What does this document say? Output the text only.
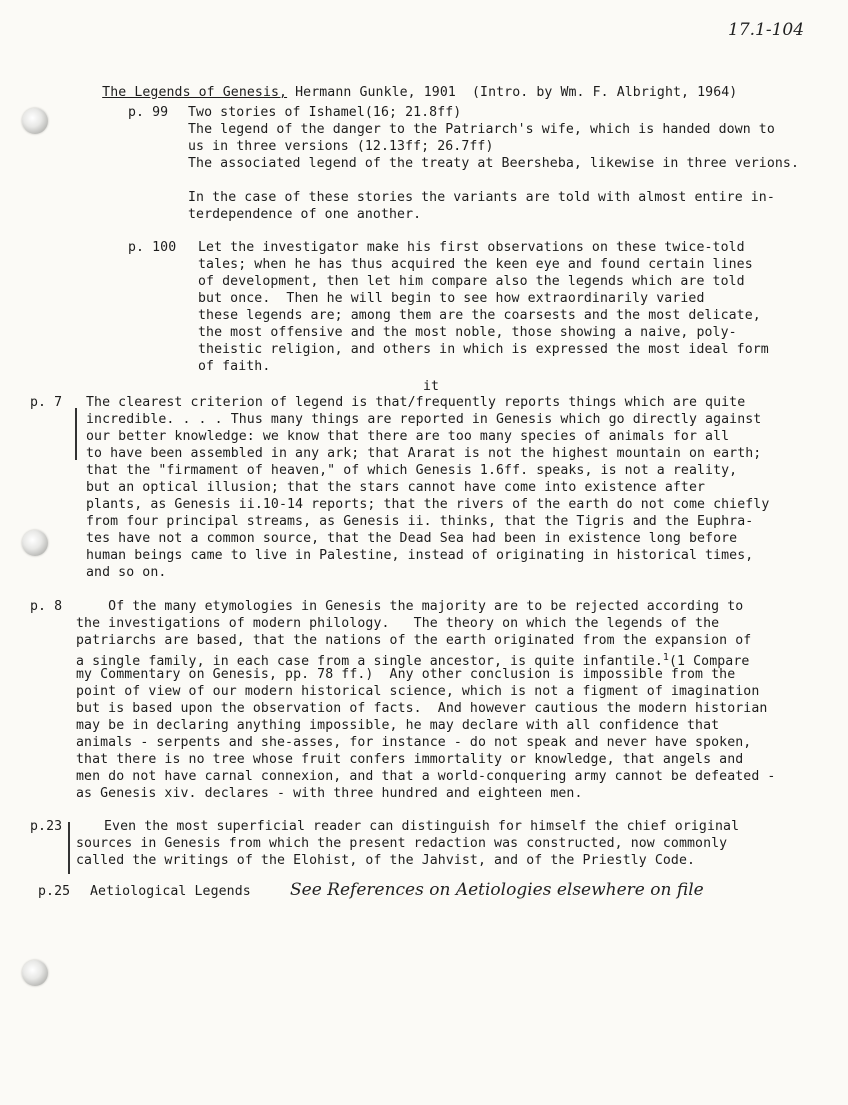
17.1-104

The Legends of Genesis, Hermann Gunkle, 1901  (Intro. by Wm. F. Albright, 1964)

p. 99 Two stories of Ishamel(16; 21.8ff)
The legend of the danger to the Patriarch's wife, which is handed down to
us in three versions (12.13ff; 26.7ff)
The associated legend of the treaty at Beersheba, likewise in three verions.
In the case of these stories the variants are told with almost entire in-
terdependence of one another.
p. 100 Let the investigator make his first observations on these twice-told
tales; when he has thus acquired the keen eye and found certain lines
of development, then let him compare also the legends which are told
but once.  Then he will begin to see how extraordinarily varied
these legends are; among them are the coarsests and the most delicate,
the most offensive and the most noble, those showing a naive, poly-
theistic religion, and others in which is expressed the most ideal form
of faith.
it
p. 7 The clearest criterion of legend is that/frequently reports things which are quite
incredible. . . . Thus many things are reported in Genesis which go directly against
our better knowledge: we know that there are too many species of animals for all
to have been assembled in any ark; that Ararat is not the highest mountain on earth;
that the "firmament of heaven," of which Genesis 1.6ff. speaks, is not a reality,
but an optical illusion; that the stars cannot have come into existence after
plants, as Genesis ii.10-14 reports; that the rivers of the earth do not come chiefly
from four principal streams, as Genesis ii. thinks, that the Tigris and the Euphra-
tes have not a common source, that the Dead Sea had been in existence long before
human beings came to live in Palestine, instead of originating in historical times,
and so on.
p. 8 Of the many etymologies in Genesis the majority are to be rejected according to
the investigations of modern philology.   The theory on which the legends of the
patriarchs are based, that the nations of the earth originated from the expansion of
a single family, in each case from a single ancestor, is quite infantile.$^1$(1 Compare
my Commentary on Genesis, pp. 78 ff.)  Any other conclusion is impossible from the
point of view of our modern historical science, which is not a figment of imagination
but is based upon the observation of facts.  And however cautious the modern historian
may be in declaring anything impossible, he may declare with all confidence that
animals - serpents and she-asses, for instance - do not speak and never have spoken,
that there is no tree whose fruit confers immortality or knowledge, that angels and
men do not have carnal connexion, and that a world-conquering army cannot be defeated -
as Genesis xiv. declares - with three hundred and eighteen men.
p.23	Even the most superficial reader can distinguish for himself the chief original
sources in Genesis from which the present redaction was constructed, now commonly
called the writings of the Elohist, of the Jahvist, and of the Priestly Code.
p.25 Aetiological Legends See References on Aetiologies elsewhere on file
